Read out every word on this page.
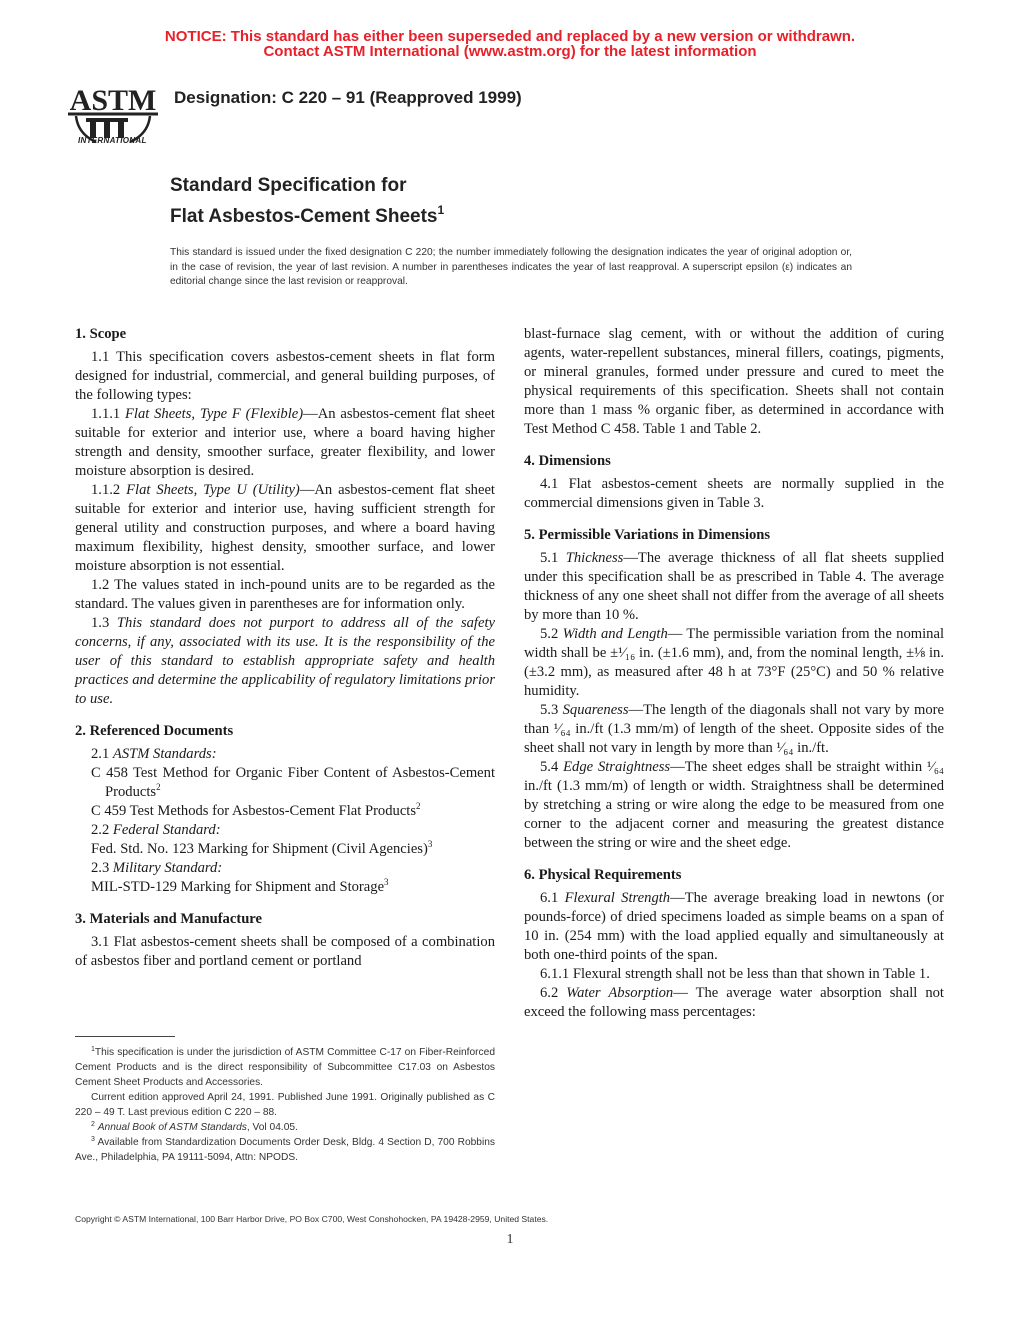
NOTICE: This standard has either been superseded and replaced by a new version or withdrawn.
Contact ASTM International (www.astm.org) for the latest information
ASTM
INTERNATIONAL
Designation: C 220 – 91 (Reapproved 1999)
Standard Specification for
Flat Asbestos-Cement Sheets$^1$
This standard is issued under the fixed designation C 220; the number immediately following the designation indicates the year of original adoption or, in the case of revision, the year of last revision. A number in parentheses indicates the year of last reapproval. A superscript epsilon (ε) indicates an editorial change since the last revision or reapproval.
1. Scope

1.1 This specification covers asbestos-cement sheets in flat form designed for industrial, commercial, and general building purposes, of the following types:

1.1.1 Flat Sheets, Type F (Flexible)—An asbestos-cement flat sheet suitable for exterior and interior use, where a board having higher strength and density, smoother surface, greater flexibility, and lower moisture absorption is desired.

1.1.2 Flat Sheets, Type U (Utility)—An asbestos-cement flat sheet suitable for exterior and interior use, having sufficient strength for general utility and construction purposes, and where a board having maximum flexibility, highest density, smoother surface, and lower moisture absorption is not essential.

1.2 The values stated in inch-pound units are to be regarded as the standard. The values given in parentheses are for information only.

1.3 This standard does not purport to address all of the safety concerns, if any, associated with its use. It is the responsibility of the user of this standard to establish appropriate safety and health practices and determine the applicability of regulatory limitations prior to use.

2. Referenced Documents

2.1 ASTM Standards:

C 458 Test Method for Organic Fiber Content of Asbestos-Cement Products$^2$

C 459 Test Methods for Asbestos-Cement Flat Products$^2$

2.2 Federal Standard:

Fed. Std. No. 123 Marking for Shipment (Civil Agencies)$^3$

2.3 Military Standard:

MIL-STD-129 Marking for Shipment and Storage$^3$

3. Materials and Manufacture

3.1 Flat asbestos-cement sheets shall be composed of a combination of asbestos fiber and portland cement or portland

$^1$This specification is under the jurisdiction of ASTM Committee C-17 on Fiber-Reinforced Cement Products and is the direct responsibility of Subcommittee C17.03 on Asbestos Cement Sheet Products and Accessories.

Current edition approved April 24, 1991. Published June 1991. Originally published as C 220 – 49 T. Last previous edition C 220 – 88.

$^2$ Annual Book of ASTM Standards, Vol 04.05.

$^3$ Available from Standardization Documents Order Desk, Bldg. 4 Section D, 700 Robbins Ave., Philadelphia, PA 19111-5094, Attn: NPODS.

blast-furnace slag cement, with or without the addition of curing agents, water-repellent substances, mineral fillers, coatings, pigments, or mineral granules, formed under pressure and cured to meet the physical requirements of this specification. Sheets shall not contain more than 1 mass % organic fiber, as determined in accordance with Test Method C 458. Table 1 and Table 2.

4. Dimensions

4.1 Flat asbestos-cement sheets are normally supplied in the commercial dimensions given in Table 3.

5. Permissible Variations in Dimensions

5.1 Thickness—The average thickness of all flat sheets supplied under this specification shall be as prescribed in Table 4. The average thickness of any one sheet shall not differ from the average of all sheets by more than 10 %.

5.2 Width and Length— The permissible variation from the nominal width shall be ±¹⁄₁₆ in. (±1.6 mm), and, from the nominal length, ±⅛ in. (±3.2 mm), as measured after 48 h at 73°F (25°C) and 50 % relative humidity.

5.3 Squareness—The length of the diagonals shall not vary by more than ¹⁄₆₄ in./ft (1.3 mm/m) of length of the sheet. Opposite sides of the sheet shall not vary in length by more than ¹⁄₆₄ in./ft.

5.4 Edge Straightness—The sheet edges shall be straight within ¹⁄₆₄ in./ft (1.3 mm/m) of length or width. Straightness shall be determined by stretching a string or wire along the edge to be measured from one corner to the adjacent corner and measuring the greatest distance between the string or wire and the sheet edge.

6. Physical Requirements

6.1 Flexural Strength—The average breaking load in newtons (or pounds-force) of dried specimens loaded as simple beams on a span of 10 in. (254 mm) with the load applied equally and simultaneously at both one-third points of the span.

6.1.1 Flexural strength shall not be less than that shown in Table 1.

6.2 Water Absorption— The average water absorption shall not exceed the following mass percentages:

Copyright © ASTM International, 100 Barr Harbor Drive, PO Box C700, West Conshohocken, PA 19428-2959, United States.
1
